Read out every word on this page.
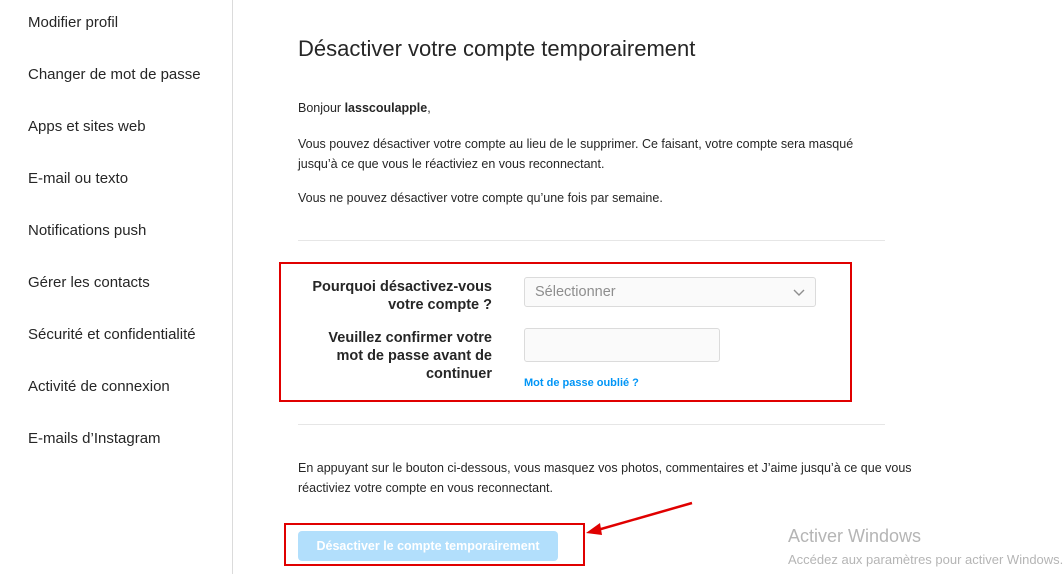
Modifier profil
Changer de mot de passe
Apps et sites web
E-mail ou texto
Notifications push
Gérer les contacts
Sécurité et confidentialité
Activité de connexion
E-mails d’Instagram
Désactiver votre compte temporairement

Bonjour lasscoulapple,

Vous pouvez désactiver votre compte au lieu de le supprimer. Ce faisant, votre compte sera masqué jusqu’à ce que vous le réactiviez en vous reconnectant.

Vous ne pouvez désactiver votre compte qu’une fois par semaine.

Pourquoi désactivez-vous votre compte ?
Sélectionner
Veuillez confirmer votre mot de passe avant de continuer
Mot de passe oublié ?

En appuyant sur le bouton ci-dessous, vous masquez vos photos, commentaires et J’aime jusqu’à ce que vous réactiviez votre compte en vous reconnectant.

Désactiver le compte temporairement	Activer Windows
Accédez aux paramètres pour activer Windows.
